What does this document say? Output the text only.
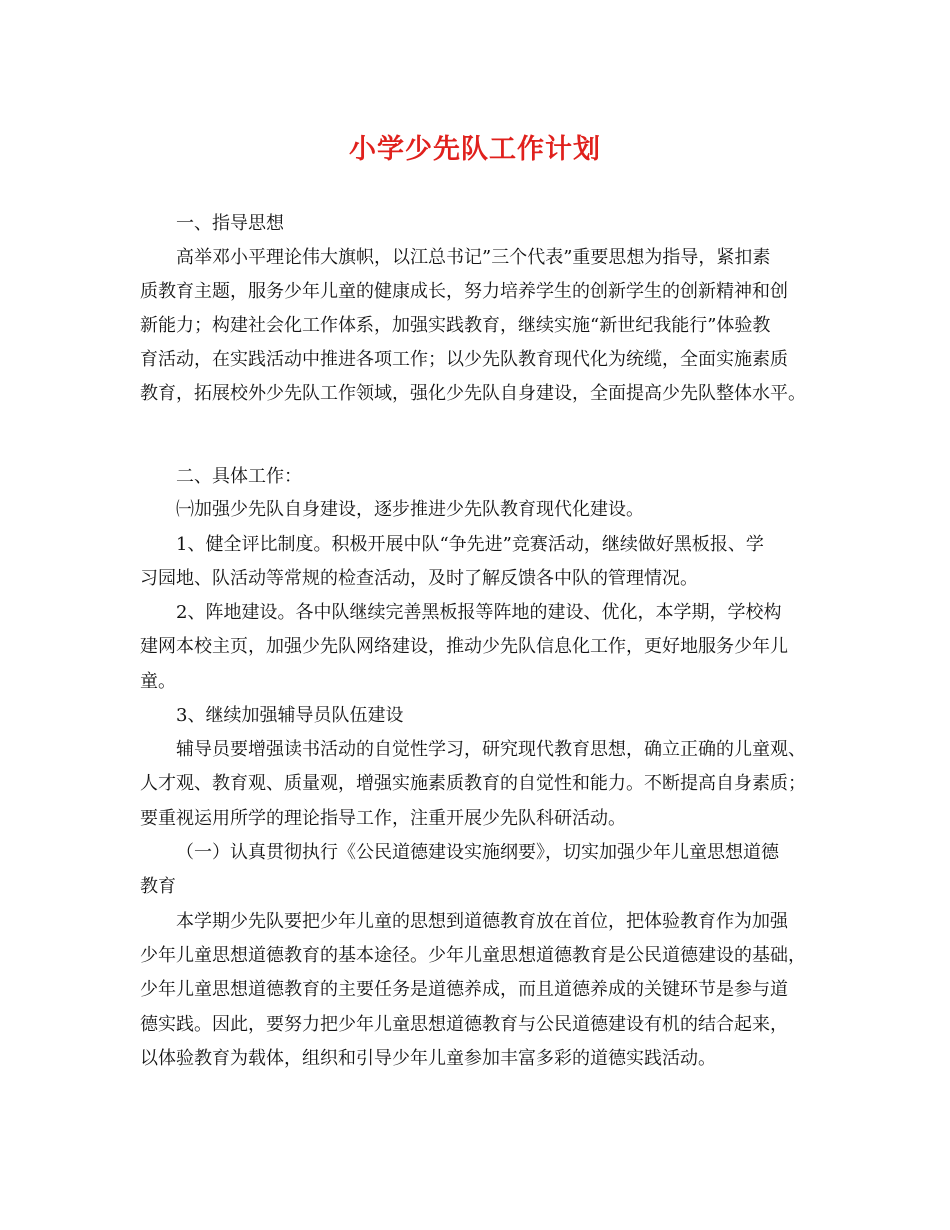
小学少先队工作计划
一、指导思想
高举邓小平理论伟大旗帜，以江总书记”三个代表”重要思想为指导，紧扣素
质教育主题，服务少年儿童的健康成长，努力培养学生的创新学生的创新精神和创
新能力；构建社会化工作体系，加强实践教育，继续实施“新世纪我能行”体验教
育活动，在实践活动中推进各项工作；以少先队教育现代化为统缆，全面实施素质
教育，拓展校外少先队工作领域，强化少先队自身建设，全面提高少先队整体水平。
二、具体工作：
㈠加强少先队自身建设，逐步推进少先队教育现代化建设。
1、健全评比制度。积极开展中队“争先进”竞赛活动，继续做好黑板报、学
习园地、队活动等常规的检查活动，及时了解反馈各中队的管理情况。
2、阵地建设。各中队继续完善黑板报等阵地的建设、优化，本学期，学校构
建网本校主页，加强少先队网络建设，推动少先队信息化工作，更好地服务少年儿
童。
3、继续加强辅导员队伍建设
辅导员要增强读书活动的自觉性学习，研究现代教育思想，确立正确的儿童观、
人才观、教育观、质量观，增强实施素质教育的自觉性和能力。不断提高自身素质；
要重视运用所学的理论指导工作，注重开展少先队科研活动。
（一）认真贯彻执行《公民道德建设实施纲要》，切实加强少年儿童思想道德
教育
本学期少先队要把少年儿童的思想到道德教育放在首位，把体验教育作为加强
少年儿童思想道德教育的基本途径。少年儿童思想道德教育是公民道德建设的基础，
少年儿童思想道德教育的主要任务是道德养成，而且道德养成的关键环节是参与道
德实践。因此，要努力把少年儿童思想道德教育与公民道德建设有机的结合起来，
以体验教育为载体，组织和引导少年儿童参加丰富多彩的道德实践活动。
